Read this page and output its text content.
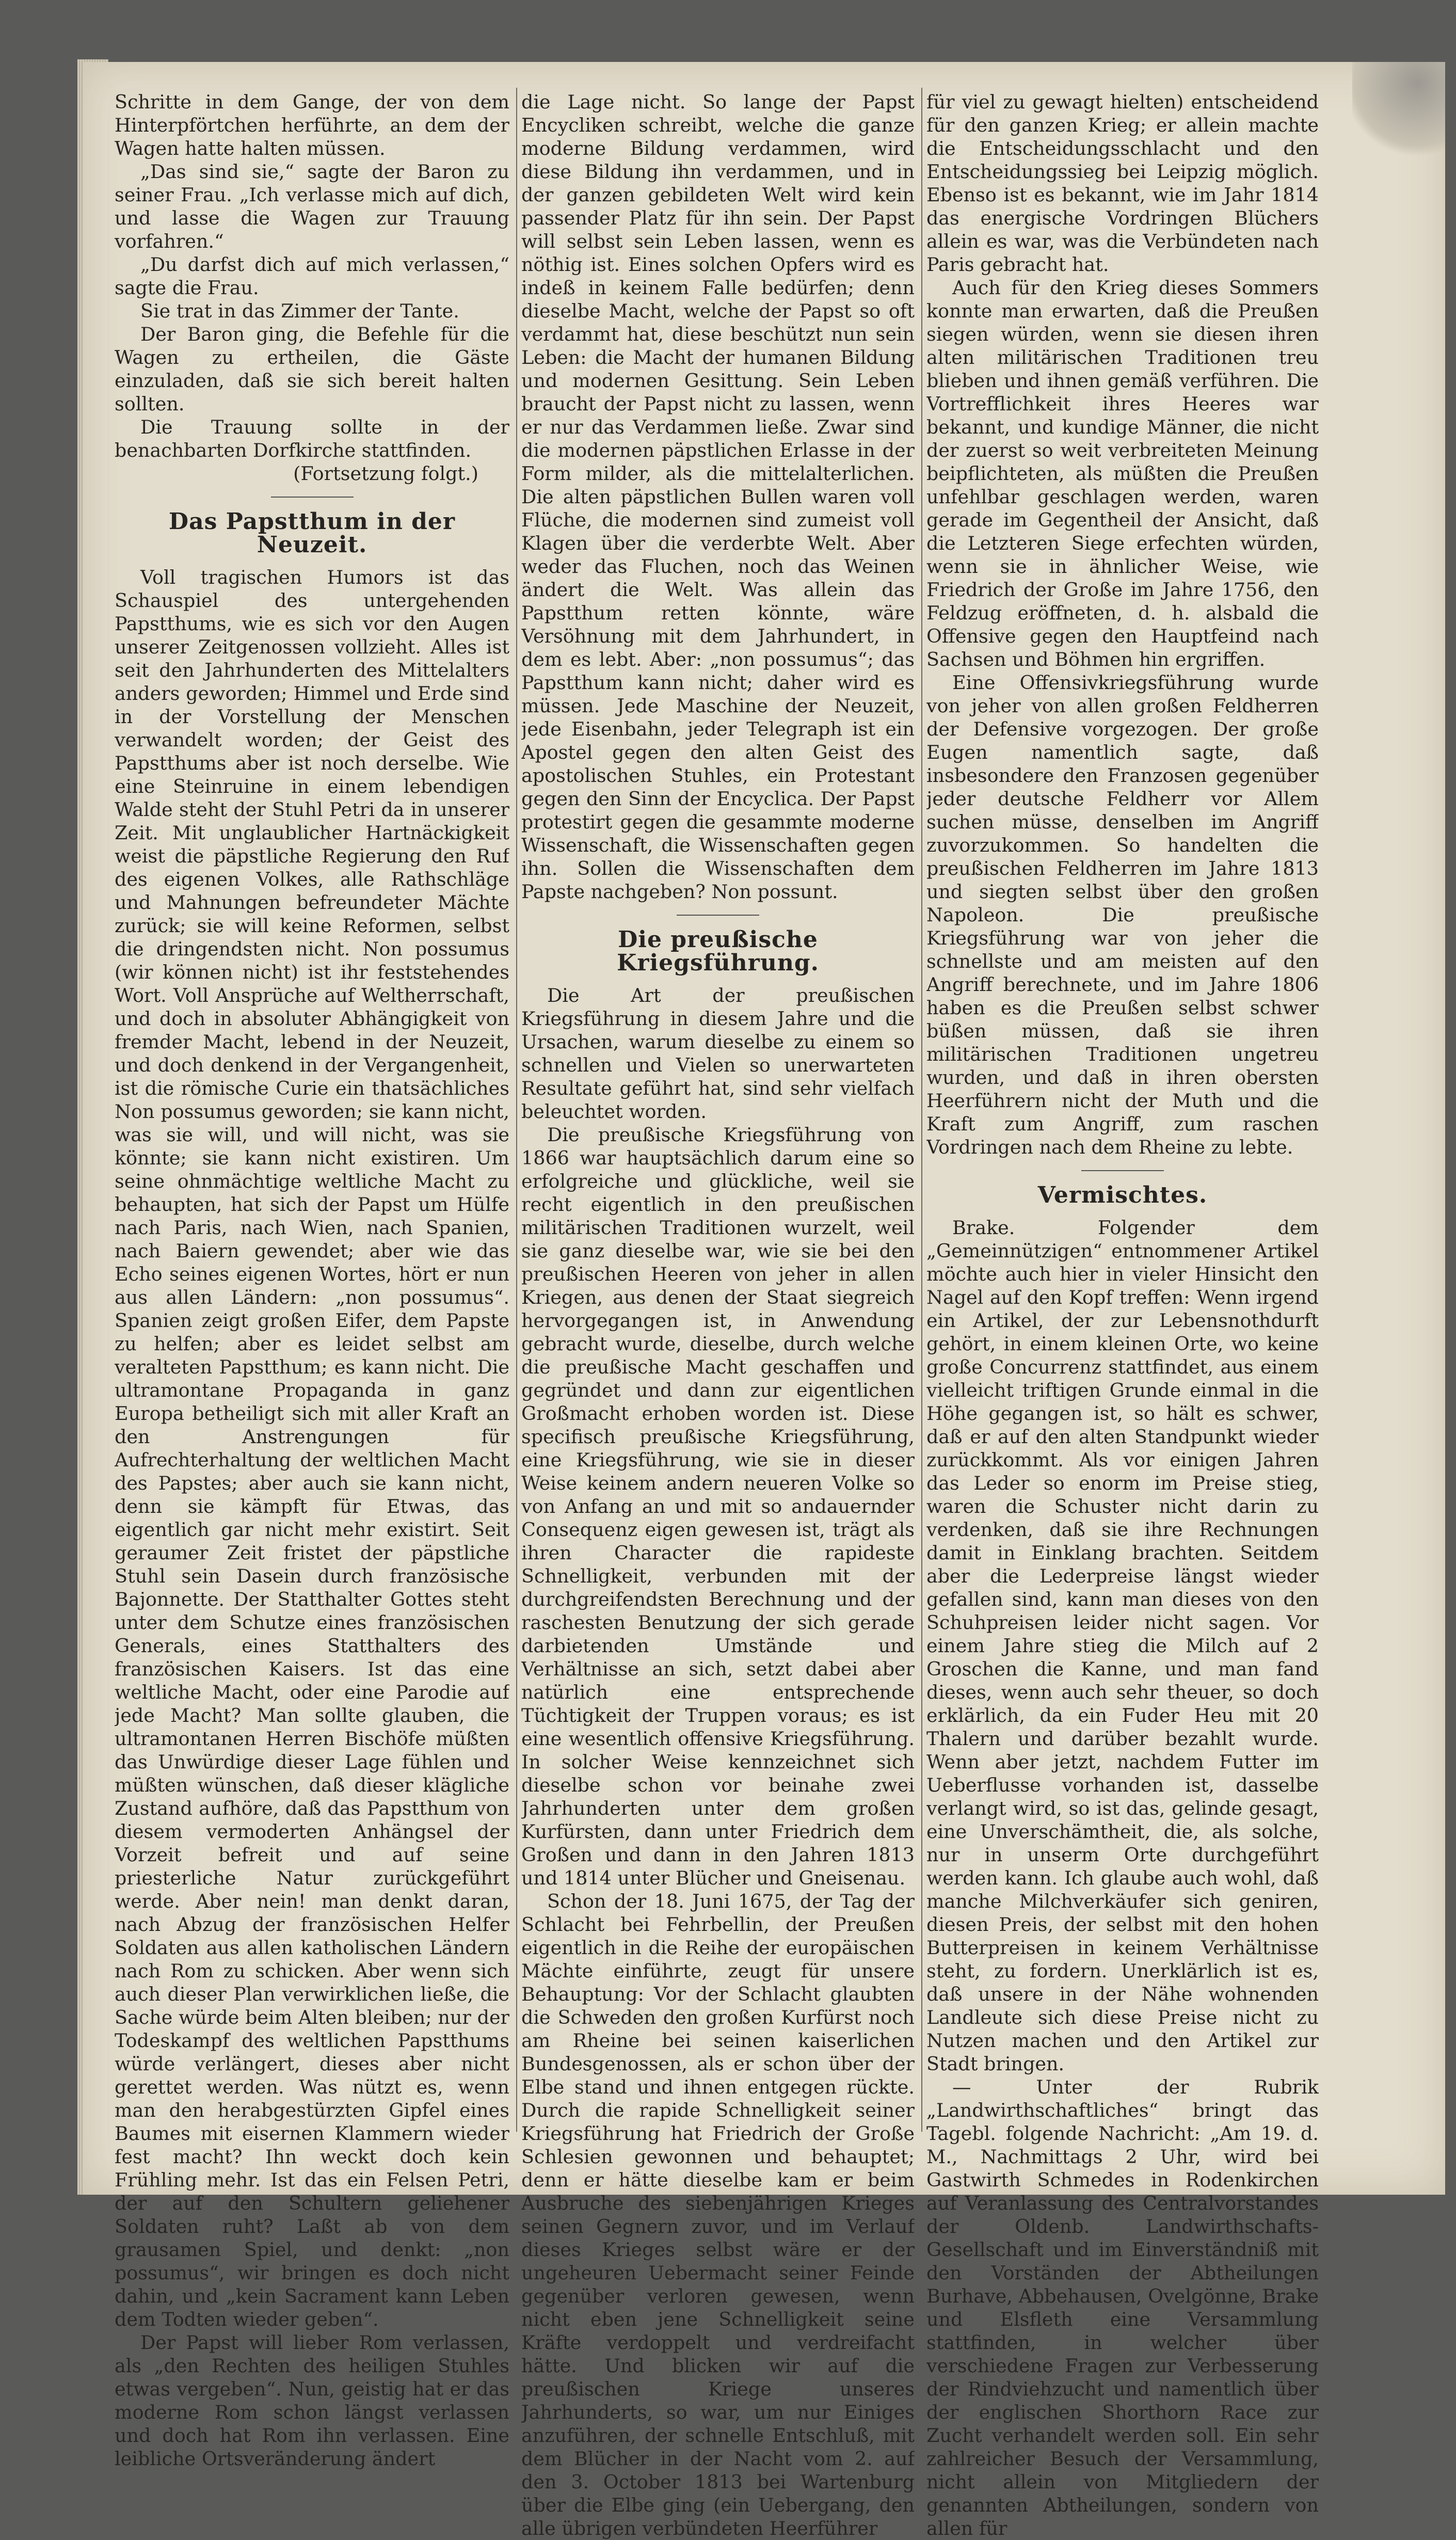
Schritte in dem Gange, der von dem Hinterpförtchen herführte, an dem der Wagen hatte halten müssen.

„Das sind sie,“ sagte der Baron zu seiner Frau. „Ich verlasse mich auf dich, und lasse die Wagen zur Trauung vorfahren.“

„Du darfst dich auf mich verlassen,“ sagte die Frau.

Sie trat in das Zimmer der Tante.

Der Baron ging, die Befehle für die Wagen zu ertheilen, die Gäste einzuladen, daß sie sich bereit halten sollten.

Die Trauung sollte in der benachbarten Dorfkirche stattfinden.

(Fortsetzung folgt.)

Das Papstthum in der Neuzeit.

Voll tragischen Humors ist das Schauspiel des untergehenden Papstthums, wie es sich vor den Augen unserer Zeitgenossen vollzieht. Alles ist seit den Jahrhunderten des Mittelalters anders geworden; Himmel und Erde sind in der Vorstellung der Menschen verwandelt worden; der Geist des Papstthums aber ist noch derselbe. Wie eine Steinruine in einem lebendigen Walde steht der Stuhl Petri da in unserer Zeit. Mit unglaublicher Hartnäckigkeit weist die päpstliche Regierung den Ruf des eigenen Volkes, alle Rathschläge und Mahnungen befreundeter Mächte zurück; sie will keine Reformen, selbst die dringendsten nicht. Non possumus (wir können nicht) ist ihr feststehendes Wort. Voll Ansprüche auf Weltherrschaft, und doch in absoluter Abhängigkeit von fremder Macht, lebend in der Neuzeit, und doch denkend in der Vergangenheit, ist die römische Curie ein thatsächliches Non possumus geworden; sie kann nicht, was sie will, und will nicht, was sie könnte; sie kann nicht existiren. Um seine ohnmächtige weltliche Macht zu behaupten, hat sich der Papst um Hülfe nach Paris, nach Wien, nach Spanien, nach Baiern gewendet; aber wie das Echo seines eigenen Wortes, hört er nun aus allen Ländern: „non possumus“. Spanien zeigt großen Eifer, dem Papste zu helfen; aber es leidet selbst am veralteten Papstthum; es kann nicht. Die ultramontane Propaganda in ganz Europa betheiligt sich mit aller Kraft an den Anstrengungen für Aufrechterhaltung der weltlichen Macht des Papstes; aber auch sie kann nicht, denn sie kämpft für Etwas, das eigentlich gar nicht mehr existirt. Seit geraumer Zeit fristet der päpstliche Stuhl sein Dasein durch französische Bajonnette. Der Statthalter Gottes steht unter dem Schutze eines französischen Generals, eines Statthalters des französischen Kaisers. Ist das eine weltliche Macht, oder eine Parodie auf jede Macht? Man sollte glauben, die ultramontanen Herren Bischöfe müßten das Unwürdige dieser Lage fühlen und müßten wünschen, daß dieser klägliche Zustand aufhöre, daß das Papstthum von diesem vermoderten Anhängsel der Vorzeit befreit und auf seine priesterliche Natur zurückgeführt werde. Aber nein! man denkt daran, nach Abzug der französischen Helfer Soldaten aus allen katholischen Ländern nach Rom zu schicken. Aber wenn sich auch dieser Plan verwirklichen ließe, die Sache würde beim Alten bleiben; nur der Todeskampf des weltlichen Papstthums würde verlängert, dieses aber nicht gerettet werden. Was nützt es, wenn man den herabgestürzten Gipfel eines Baumes mit eisernen Klammern wieder fest macht? Ihn weckt doch kein Frühling mehr. Ist das ein Felsen Petri, der auf den Schultern geliehener Soldaten ruht? Laßt ab von dem grausamen Spiel, und denkt: „non possumus“, wir bringen es doch nicht dahin, und „kein Sacrament kann Leben dem Todten wieder geben“.

Der Papst will lieber Rom verlassen, als „den Rechten des heiligen Stuhles etwas vergeben“. Nun, geistig hat er das moderne Rom schon längst verlassen und doch hat Rom ihn verlassen. Eine leibliche Ortsveränderung ändert

die Lage nicht. So lange der Papst Encycliken schreibt, welche die ganze moderne Bildung verdammen, wird diese Bildung ihn verdammen, und in der ganzen gebildeten Welt wird kein passender Platz für ihn sein. Der Papst will selbst sein Leben lassen, wenn es nöthig ist. Eines solchen Opfers wird es indeß in keinem Falle bedürfen; denn dieselbe Macht, welche der Papst so oft verdammt hat, diese beschützt nun sein Leben: die Macht der humanen Bildung und modernen Gesittung. Sein Leben braucht der Papst nicht zu lassen, wenn er nur das Verdammen ließe. Zwar sind die modernen päpstlichen Erlasse in der Form milder, als die mittelalterlichen. Die alten päpstlichen Bullen waren voll Flüche, die modernen sind zumeist voll Klagen über die verderbte Welt. Aber weder das Fluchen, noch das Weinen ändert die Welt. Was allein das Papstthum retten könnte, wäre Versöhnung mit dem Jahrhundert, in dem es lebt. Aber: „non possumus“; das Papstthum kann nicht; daher wird es müssen. Jede Maschine der Neuzeit, jede Eisenbahn, jeder Telegraph ist ein Apostel gegen den alten Geist des apostolischen Stuhles, ein Protestant gegen den Sinn der Encyclica. Der Papst protestirt gegen die gesammte moderne Wissenschaft, die Wissenschaften gegen ihn. Sollen die Wissenschaften dem Papste nachgeben? Non possunt.

Die preußische Kriegsführung.

Die Art der preußischen Kriegsführung in diesem Jahre und die Ursachen, warum dieselbe zu einem so schnellen und Vielen so unerwarteten Resultate geführt hat, sind sehr vielfach beleuchtet worden.

Die preußische Kriegsführung von 1866 war hauptsächlich darum eine so erfolgreiche und glückliche, weil sie recht eigentlich in den preußischen militärischen Traditionen wurzelt, weil sie ganz dieselbe war, wie sie bei den preußischen Heeren von jeher in allen Kriegen, aus denen der Staat siegreich hervorgegangen ist, in Anwendung gebracht wurde, dieselbe, durch welche die preußische Macht geschaffen und gegründet und dann zur eigentlichen Großmacht erhoben worden ist. Diese specifisch preußische Kriegsführung, eine Kriegsführung, wie sie in dieser Weise keinem andern neueren Volke so von Anfang an und mit so andauernder Consequenz eigen gewesen ist, trägt als ihren Character die rapideste Schnelligkeit, verbunden mit der durchgreifendsten Berechnung und der raschesten Benutzung der sich gerade darbietenden Umstände und Verhältnisse an sich, setzt dabei aber natürlich eine entsprechende Tüchtigkeit der Truppen voraus; es ist eine wesentlich offensive Kriegsführung. In solcher Weise kennzeichnet sich dieselbe schon vor beinahe zwei Jahrhunderten unter dem großen Kurfürsten, dann unter Friedrich dem Großen und dann in den Jahren 1813 und 1814 unter Blücher und Gneisenau.

Schon der 18. Juni 1675, der Tag der Schlacht bei Fehrbellin, der Preußen eigentlich in die Reihe der europäischen Mächte einführte, zeugt für unsere Behauptung: Vor der Schlacht glaubten die Schweden den großen Kurfürst noch am Rheine bei seinen kaiserlichen Bundesgenossen, als er schon über der Elbe stand und ihnen entgegen rückte. Durch die rapide Schnelligkeit seiner Kriegsführung hat Friedrich der Große Schlesien gewonnen und behauptet; denn er hätte dieselbe kam er beim Ausbruche des siebenjährigen Krieges seinen Gegnern zuvor, und im Verlauf dieses Krieges selbst wäre er der ungeheuren Uebermacht seiner Feinde gegenüber verloren gewesen, wenn nicht eben jene Schnelligkeit seine Kräfte verdoppelt und verdreifacht hätte. Und blicken wir auf die preußischen Kriege unseres Jahrhunderts, so war, um nur Einiges anzuführen, der schnelle Entschluß, mit dem Blücher in der Nacht vom 2. auf den 3. October 1813 bei Wartenburg über die Elbe ging (ein Uebergang, den alle übrigen verbündeten Heerführer

für viel zu gewagt hielten) entscheidend für den ganzen Krieg; er allein machte die Entscheidungsschlacht und den Entscheidungssieg bei Leipzig möglich. Ebenso ist es bekannt, wie im Jahr 1814 das energische Vordringen Blüchers allein es war, was die Verbündeten nach Paris gebracht hat.

Auch für den Krieg dieses Sommers konnte man erwarten, daß die Preußen siegen würden, wenn sie diesen ihren alten militärischen Traditionen treu blieben und ihnen gemäß verführen. Die Vortrefflichkeit ihres Heeres war bekannt, und kundige Männer, die nicht der zuerst so weit verbreiteten Meinung beipflichteten, als müßten die Preußen unfehlbar geschlagen werden, waren gerade im Gegentheil der Ansicht, daß die Letzteren Siege erfechten würden, wenn sie in ähnlicher Weise, wie Friedrich der Große im Jahre 1756, den Feldzug eröffneten, d. h. alsbald die Offensive gegen den Hauptfeind nach Sachsen und Böhmen hin ergriffen.

Eine Offensivkriegsführung wurde von jeher von allen großen Feldherren der Defensive vorgezogen. Der große Eugen namentlich sagte, daß insbesondere den Franzosen gegenüber jeder deutsche Feldherr vor Allem suchen müsse, denselben im Angriff zuvorzukommen. So handelten die preußischen Feldherren im Jahre 1813 und siegten selbst über den großen Napoleon. Die preußische Kriegsführung war von jeher die schnellste und am meisten auf den Angriff berechnete, und im Jahre 1806 haben es die Preußen selbst schwer büßen müssen, daß sie ihren militärischen Traditionen ungetreu wurden, und daß in ihren obersten Heerführern nicht der Muth und die Kraft zum Angriff, zum raschen Vordringen nach dem Rheine zu lebte.

Vermischtes.

Brake. Folgender dem „Gemeinnützigen“ entnommener Artikel möchte auch hier in vieler Hinsicht den Nagel auf den Kopf treffen: Wenn irgend ein Artikel, der zur Lebensnothdurft gehört, in einem kleinen Orte, wo keine große Concurrenz stattfindet, aus einem vielleicht triftigen Grunde einmal in die Höhe gegangen ist, so hält es schwer, daß er auf den alten Standpunkt wieder zurückkommt. Als vor einigen Jahren das Leder so enorm im Preise stieg, waren die Schuster nicht darin zu verdenken, daß sie ihre Rechnungen damit in Einklang brachten. Seitdem aber die Lederpreise längst wieder gefallen sind, kann man dieses von den Schuhpreisen leider nicht sagen. Vor einem Jahre stieg die Milch auf 2 Groschen die Kanne, und man fand dieses, wenn auch sehr theuer, so doch erklärlich, da ein Fuder Heu mit 20 Thalern und darüber bezahlt wurde. Wenn aber jetzt, nachdem Futter im Ueberflusse vorhanden ist, dasselbe verlangt wird, so ist das, gelinde gesagt, eine Unverschämtheit, die, als solche, nur in unserm Orte durchgeführt werden kann. Ich glaube auch wohl, daß manche Milchverkäufer sich geniren, diesen Preis, der selbst mit den hohen Butterpreisen in keinem Verhältnisse steht, zu fordern. Unerklärlich ist es, daß unsere in der Nähe wohnenden Landleute sich diese Preise nicht zu Nutzen machen und den Artikel zur Stadt bringen.

— Unter der Rubrik „Landwirthschaftliches“ bringt das Tagebl. folgende Nachricht: „Am 19. d. M., Nachmittags 2 Uhr, wird bei Gastwirth Schmedes in Rodenkirchen auf Veranlassung des Centralvorstandes der Oldenb. Landwirthschafts-Gesellschaft und im Einverständniß mit den Vorständen der Abtheilungen Burhave, Abbehausen, Ovelgönne, Brake und Elsfleth eine Versammlung stattfinden, in welcher über verschiedene Fragen zur Verbesserung der Rindviehzucht und namentlich über der englischen Shorthorn Race zur Zucht verhandelt werden soll. Ein sehr zahlreicher Besuch der Versammlung, nicht allein von Mitgliedern der genannten Abtheilungen, sondern von allen für
